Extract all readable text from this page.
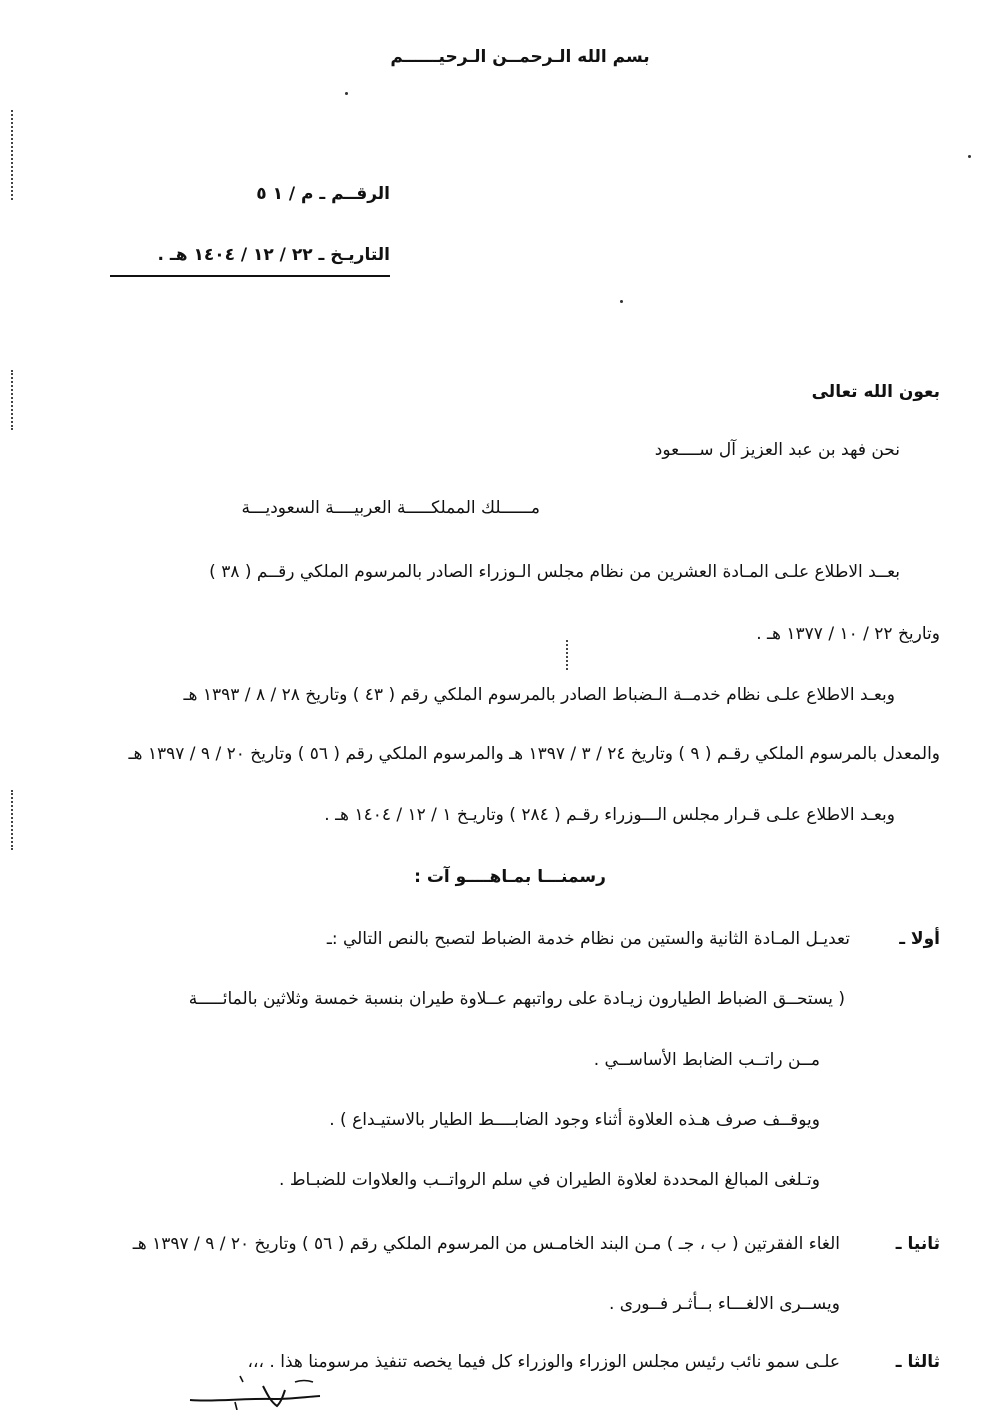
بسم الله الـرحمــن الـرحيــــــم
الرقــم ـ م / ١ ٥
التاريـخ ـ ٢٢ / ١٢ / ١٤٠٤ هـ .
بعون الله تعالى
نحن فهد بن عبد العزيز آل ســــعود
مــــــلك المملكـــــة العربيــــة السعوديـــة
بعــد الاطلاع علـى المـادة العشرين من نظام مجلس الـوزراء الصادر بالمرسوم الملكي رقــم ( ٣٨ )
وتاريخ ٢٢ / ١٠ / ١٣٧٧ هـ .
وبعـد الاطلاع علـى نظام خدمــة الـضباط الصادر بالمرسوم الملكي رقم ( ٤٣ ) وتاريخ ٢٨ / ٨ / ١٣٩٣ هـ
والمعدل بالمرسوم الملكي رقـم ( ٩ ) وتاريخ ٢٤ / ٣ / ١٣٩٧ هـ والمرسوم الملكي رقم ( ٥٦ ) وتاريخ ٢٠ / ٩ / ١٣٩٧ هـ
وبعـد الاطلاع علـى قـرار مجلس الـــوزراء رقـم ( ٢٨٤ ) وتاريـخ ١ / ١٢ / ١٤٠٤ هـ .
رسمنـــا بمـاهــــو آت :
أولا ـ
تعديـل المـادة الثانية والستين من نظام خدمة الضباط لتصبح بالنص التالي :ـ
( يستحــق الضباط الطيارون زيـادة على رواتبهم عــلاوة طيران بنسبة خمسة وثلاثين بالمائـــــة
مــن راتــب الضابط الأساســي .
ويوقــف صرف هـذه العلاوة أثناء وجود الضابــــط الطيار بالاستيـداع ) .
وتـلغى المبالغ المحددة لعلاوة الطيران في سلم الرواتــب والعلاوات للضبـاط .
ثانيا ـ
الغاء الفقرتين ( ب ، جـ ) مـن البند الخامـس من المرسوم الملكي رقم ( ٥٦ ) وتاريخ ٢٠ / ٩ / ١٣٩٧ هـ
ويســرى الالغـــاء بــأثـر فــورى .
ثالثا ـ
علـى سمو نائب رئيس مجلس الوزراء والوزراء كل فيما يخصه تنفيذ مرسومنا هذا . ،،،
